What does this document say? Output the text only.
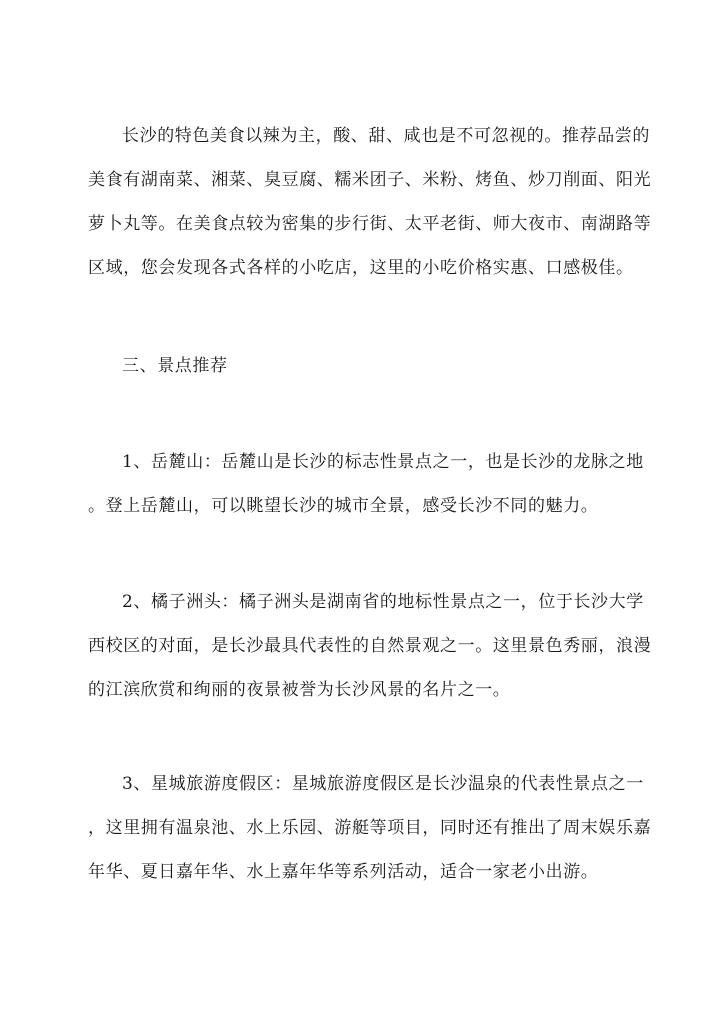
长沙的特色美食以辣为主，酸、甜、咸也是不可忽视的。推荐品尝的
美食有湖南菜、湘菜、臭豆腐、糯米团子、米粉、烤鱼、炒刀削面、阳光
萝卜丸等。在美食点较为密集的步行街、太平老街、师大夜市、南湖路等
区域，您会发现各式各样的小吃店，这里的小吃价格实惠、口感极佳。
三、景点推荐
1、岳麓山：岳麓山是长沙的标志性景点之一，也是长沙的龙脉之地
。登上岳麓山，可以眺望长沙的城市全景，感受长沙不同的魅力。
2、橘子洲头：橘子洲头是湖南省的地标性景点之一，位于长沙大学
西校区的对面，是长沙最具代表性的自然景观之一。这里景色秀丽，浪漫
的江滨欣赏和绚丽的夜景被誉为长沙风景的名片之一。
3、星城旅游度假区：星城旅游度假区是长沙温泉的代表性景点之一
，这里拥有温泉池、水上乐园、游艇等项目，同时还有推出了周末娱乐嘉
年华、夏日嘉年华、水上嘉年华等系列活动，适合一家老小出游。
